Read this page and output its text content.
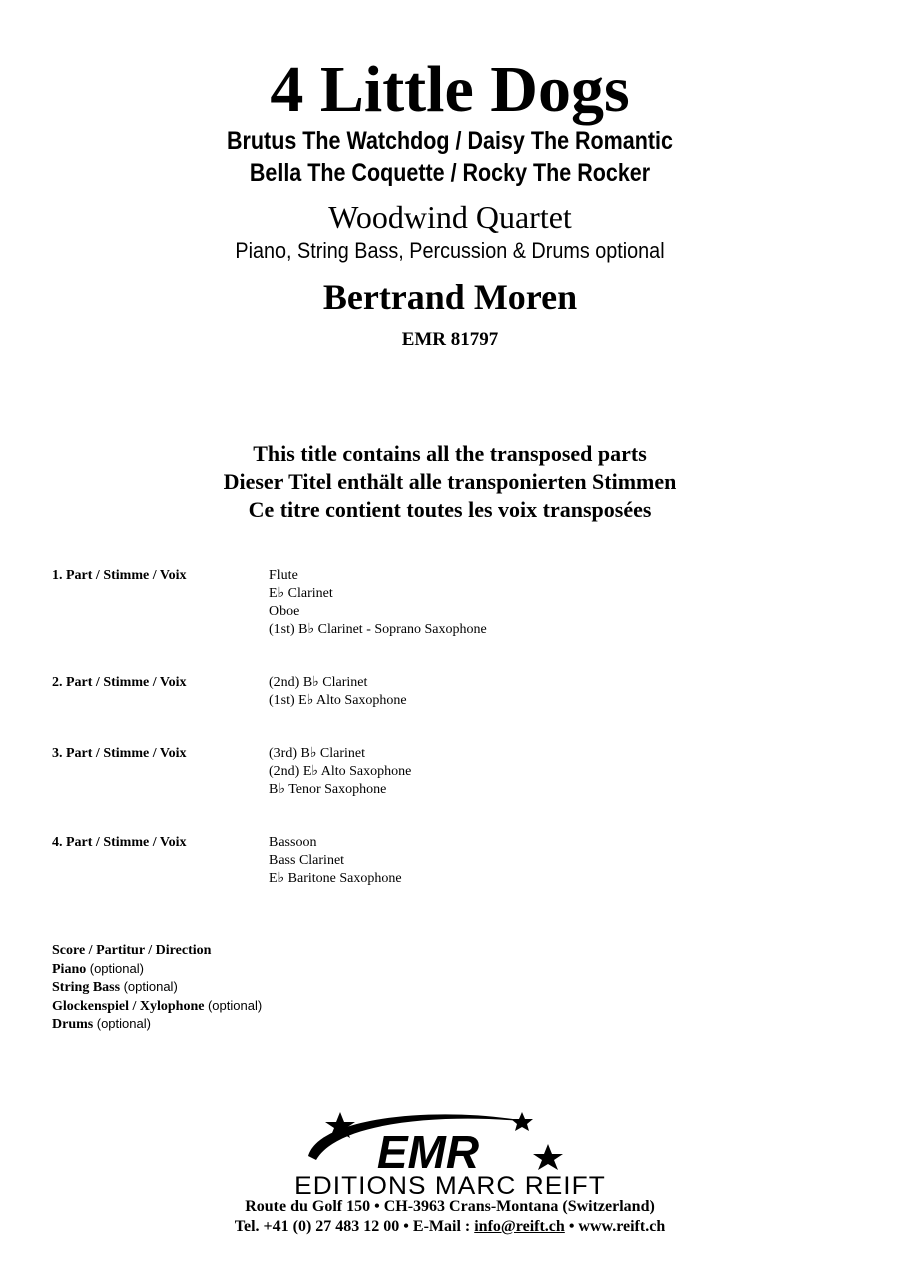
4 Little Dogs
Brutus The Watchdog / Daisy The Romantic
Bella The Coquette / Rocky The Rocker
Woodwind Quartet
Piano, String Bass, Percussion & Drums optional
Bertrand Moren
EMR 81797
This title contains all the transposed parts
Dieser Titel enthält alle transponierten Stimmen
Ce titre contient toutes les voix transposées
1. Part / Stimme / Voix	Flute
E♭ Clarinet
Oboe
(1st) B♭ Clarinet - Soprano Saxophone
2. Part / Stimme / Voix	(2nd) B♭ Clarinet
(1st) E♭ Alto Saxophone
3. Part / Stimme / Voix	(3rd) B♭ Clarinet
(2nd) E♭ Alto Saxophone
B♭ Tenor Saxophone
4. Part / Stimme / Voix	Bassoon
Bass Clarinet
E♭ Baritone Saxophone
Score / Partitur / Direction
Piano (optional)
String Bass (optional)
Glockenspiel / Xylophone (optional)
Drums (optional)
EMR
EDITIONS MARC REIFT
Route du Golf 150 • CH-3963 Crans-Montana (Switzerland)
Tel. +41 (0) 27 483 12 00 • E-Mail : info@reift.ch • www.reift.ch
